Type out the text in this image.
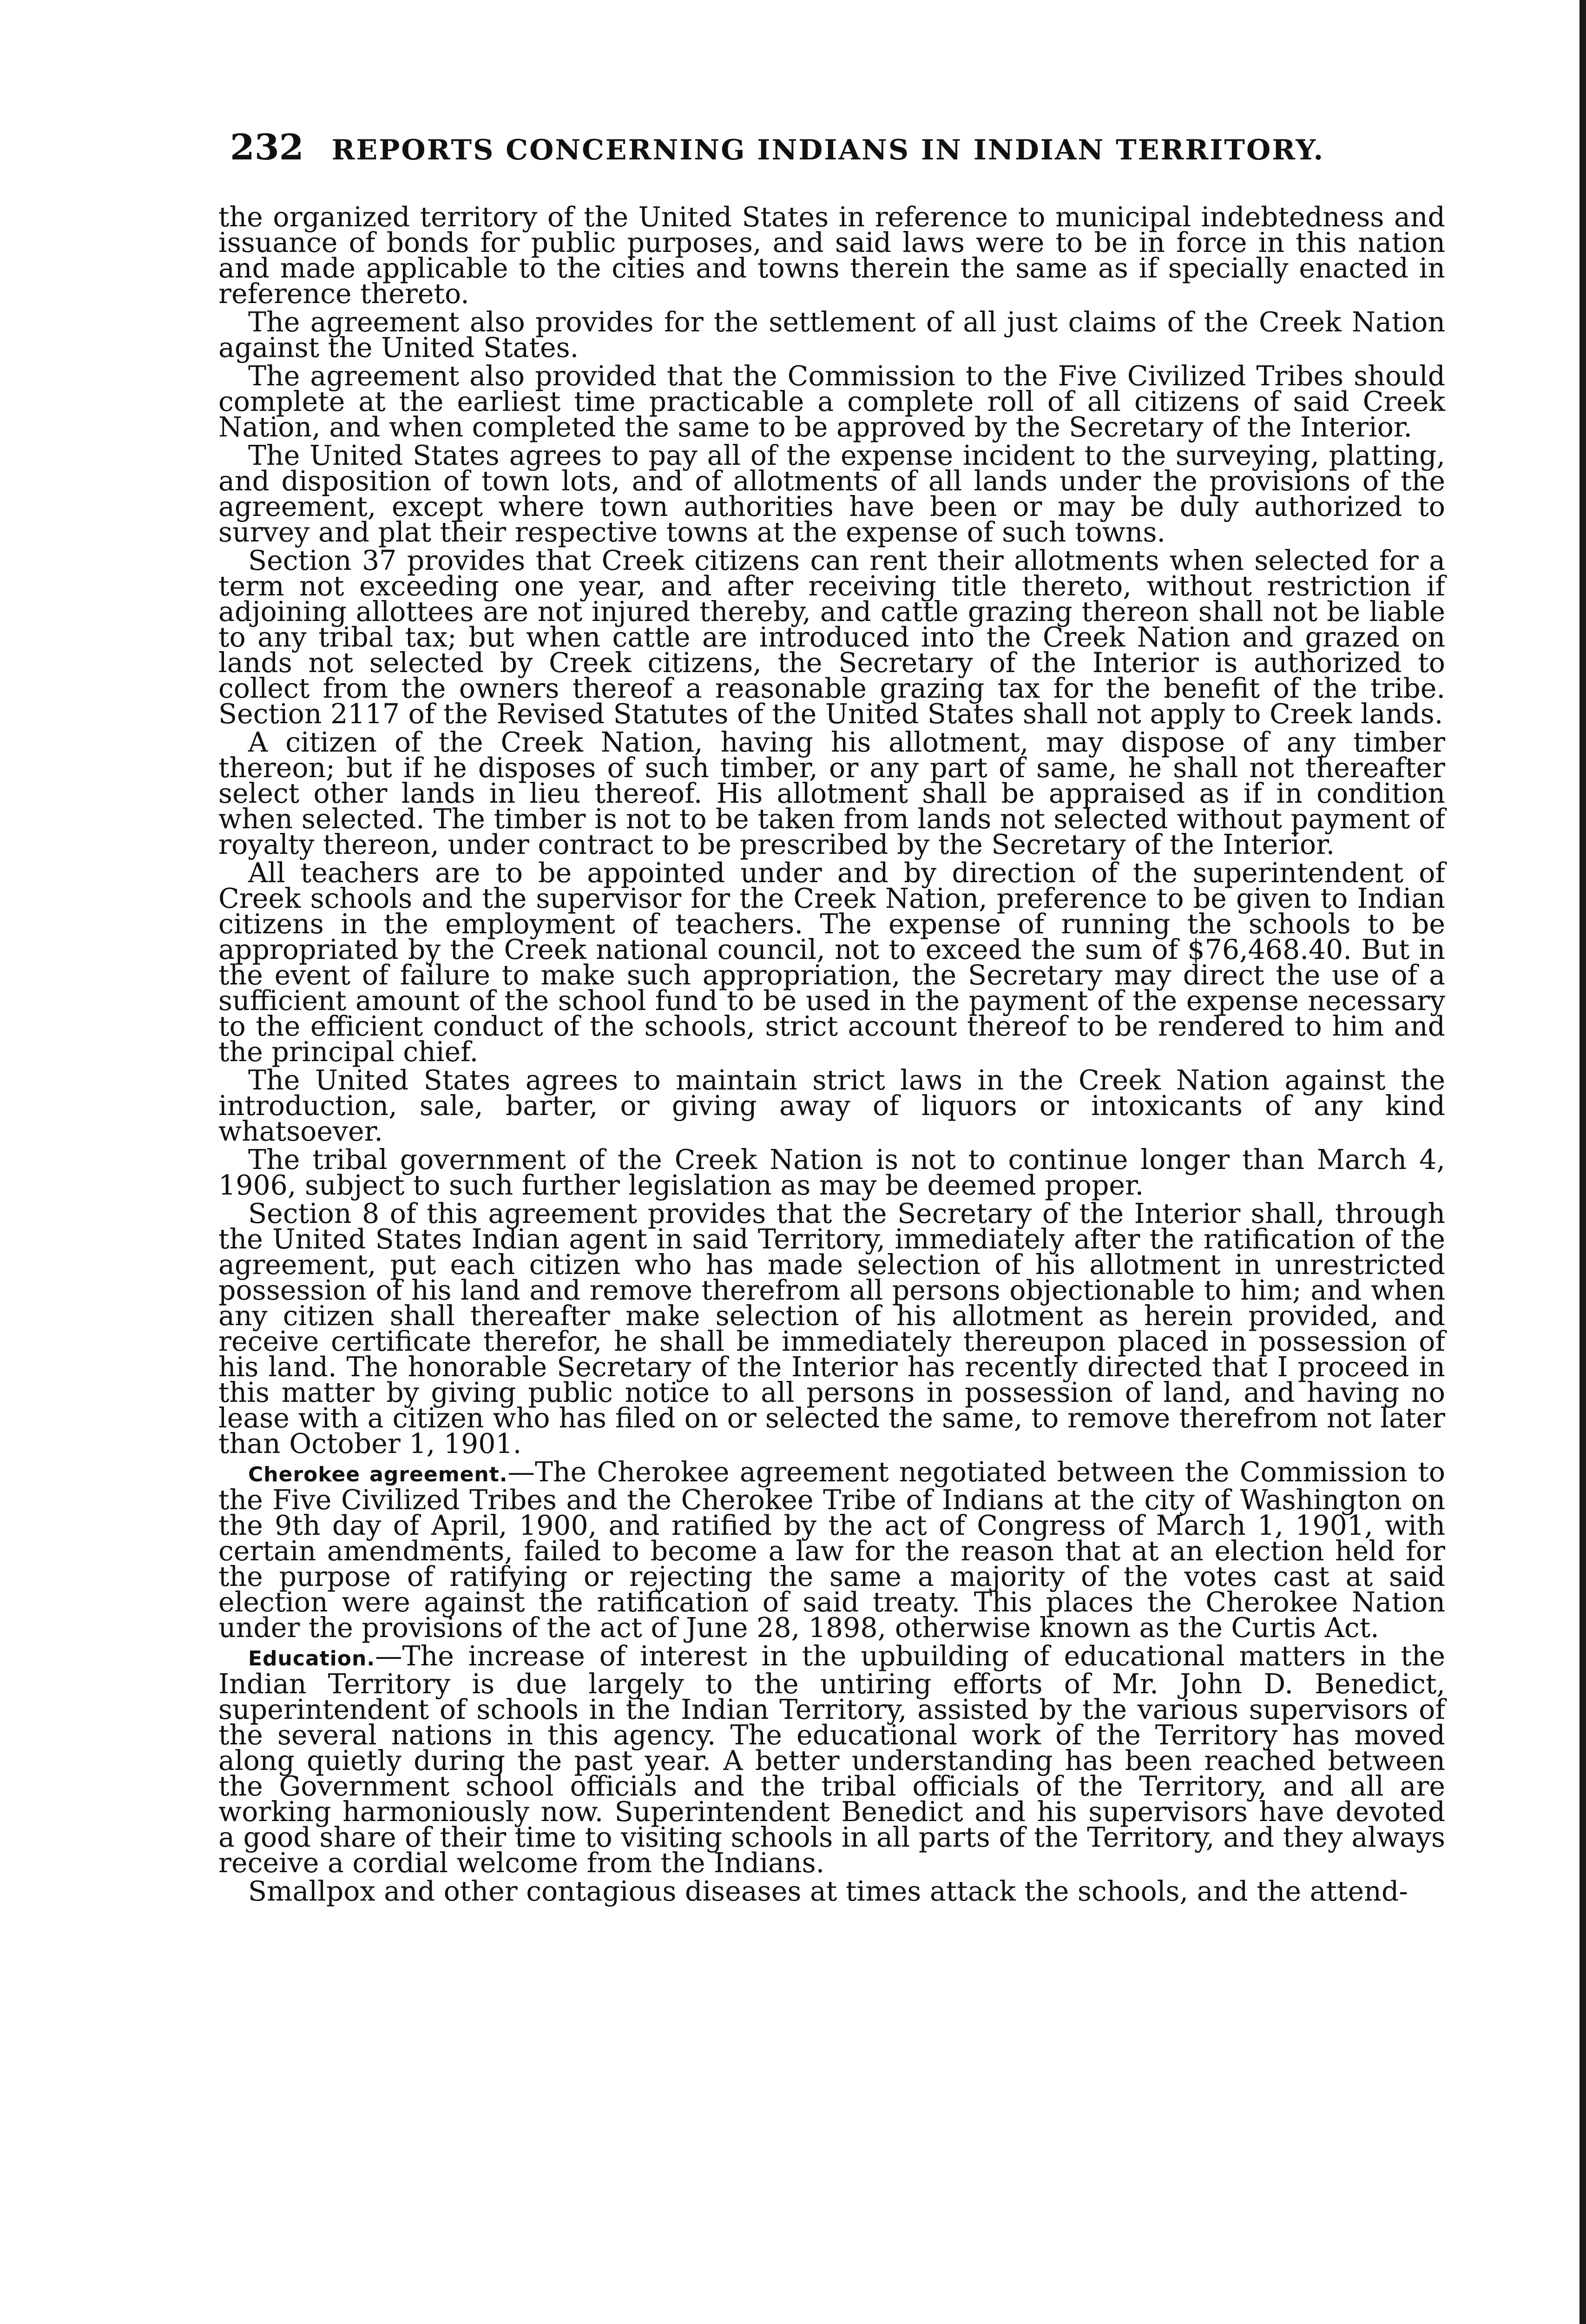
232 REPORTS CONCERNING INDIANS IN INDIAN TERRITORY.

the organized territory of the United States in reference to municipal indebtedness and issuance of bonds for public purposes, and said laws were to be in force in this nation and made applicable to the cities and towns therein the same as if specially enacted in reference thereto.

The agreement also provides for the settlement of all just claims of the Creek Nation against the United States.

The agreement also provided that the Commission to the Five Civilized Tribes should complete at the earliest time practicable a complete roll of all citizens of said Creek Nation, and when completed the same to be approved by the Secretary of the Interior.

The United States agrees to pay all of the expense incident to the surveying, platting, and disposition of town lots, and of allotments of all lands under the provisions of the agreement, except where town authorities have been or may be duly authorized to survey and plat their respective towns at the expense of such towns.

Section 37 provides that Creek citizens can rent their allotments when selected for a term not exceeding one year, and after receiving title thereto, without restriction if adjoining allottees are not injured thereby, and cattle grazing thereon shall not be liable to any tribal tax; but when cattle are introduced into the Creek Nation and grazed on lands not selected by Creek citizens, the Secretary of the Interior is authorized to collect from the owners thereof a reasonable grazing tax for the benefit of the tribe. Section 2117 of the Revised Statutes of the United States shall not apply to Creek lands.

A citizen of the Creek Nation, having his allotment, may dispose of any timber thereon; but if he disposes of such timber, or any part of same, he shall not thereafter select other lands in lieu thereof. His allotment shall be appraised as if in condition when selected. The timber is not to be taken from lands not selected without payment of royalty thereon, under contract to be prescribed by the Secretary of the Interior.

All teachers are to be appointed under and by direction of the superintendent of Creek schools and the supervisor for the Creek Nation, preference to be given to Indian citizens in the employment of teachers. The expense of running the schools to be appropriated by the Creek national council, not to exceed the sum of $76,468.40. But in the event of failure to make such appropriation, the Secretary may direct the use of a sufficient amount of the school fund to be used in the payment of the expense necessary to the efficient conduct of the schools, strict account thereof to be rendered to him and the principal chief.

The United States agrees to maintain strict laws in the Creek Nation against the introduction, sale, barter, or giving away of liquors or intoxicants of any kind whatsoever.

The tribal government of the Creek Nation is not to continue longer than March 4, 1906, subject to such further legislation as may be deemed proper.

Section 8 of this agreement provides that the Secretary of the Interior shall, through the United States Indian agent in said Territory, immediately after the ratification of the agreement, put each citizen who has made selection of his allotment in unrestricted possession of his land and remove therefrom all persons objectionable to him; and when any citizen shall thereafter make selection of his allotment as herein provided, and receive certificate therefor, he shall be immediately thereupon placed in possession of his land. The honorable Secretary of the Interior has recently directed that I proceed in this matter by giving public notice to all persons in possession of land, and having no lease with a citizen who has filed on or selected the same, to remove therefrom not later than October 1, 1901.

Cherokee agreement.—The Cherokee agreement negotiated between the Commission to the Five Civilized Tribes and the Cherokee Tribe of Indians at the city of Washington on the 9th day of April, 1900, and ratified by the act of Congress of March 1, 1901, with certain amendments, failed to become a law for the reason that at an election held for the purpose of ratifying or rejecting the same a majority of the votes cast at said election were against the ratification of said treaty. This places the Cherokee Nation under the provisions of the act of June 28, 1898, otherwise known as the Curtis Act.

Education.—The increase of interest in the upbuilding of educational matters in the Indian Territory is due largely to the untiring efforts of Mr. John D. Benedict, superintendent of schools in the Indian Territory, assisted by the various supervisors of the several nations in this agency. The educational work of the Territory has moved along quietly during the past year. A better understanding has been reached between the Government school officials and the tribal officials of the Territory, and all are working harmoniously now. Superintendent Benedict and his supervisors have devoted a good share of their time to visiting schools in all parts of the Territory, and they always receive a cordial welcome from the Indians.

Smallpox and other contagious diseases at times attack the schools, and the attend-
